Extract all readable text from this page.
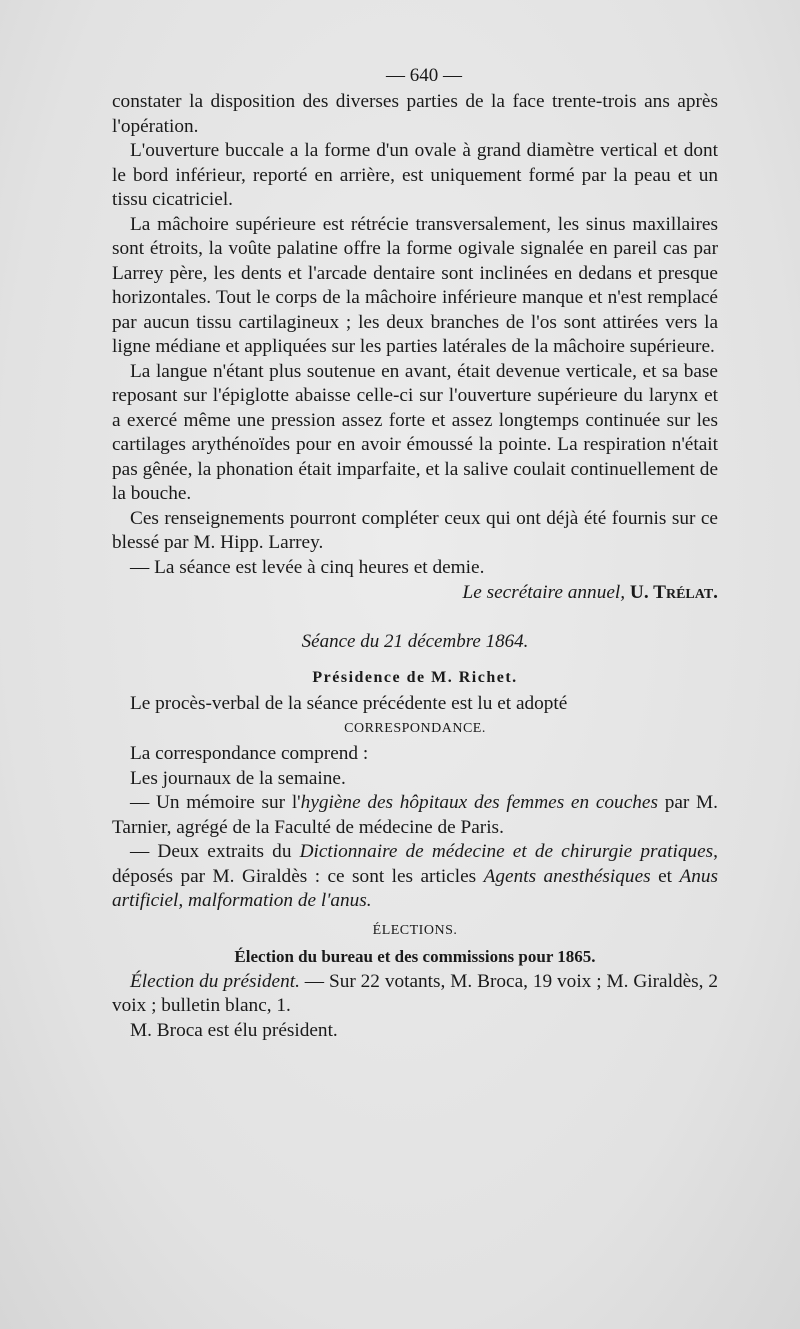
— 640 —

constater la disposition des diverses parties de la face trente-trois ans après l'opération.

L'ouverture buccale a la forme d'un ovale à grand diamètre vertical et dont le bord inférieur, reporté en arrière, est uniquement formé par la peau et un tissu cicatriciel.

La mâchoire supérieure est rétrécie transversalement, les sinus maxillaires sont étroits, la voûte palatine offre la forme ogivale signalée en pareil cas par Larrey père, les dents et l'arcade dentaire sont inclinées en dedans et presque horizontales. Tout le corps de la mâchoire inférieure manque et n'est remplacé par aucun tissu cartilagineux ; les deux branches de l'os sont attirées vers la ligne médiane et appliquées sur les parties latérales de la mâchoire supérieure.

La langue n'étant plus soutenue en avant, était devenue verticale, et sa base reposant sur l'épiglotte abaisse celle-ci sur l'ouverture supérieure du larynx et a exercé même une pression assez forte et assez longtemps continuée sur les cartilages arythénoïdes pour en avoir émoussé la pointe. La respiration n'était pas gênée, la phonation était imparfaite, et la salive coulait continuellement de la bouche.

Ces renseignements pourront compléter ceux qui ont déjà été fournis sur ce blessé par M. Hipp. Larrey.

— La séance est levée à cinq heures et demie.

Le secrétaire annuel, U. Trélat.

Séance du 21 décembre 1864.
Présidence de M. Richet.

Le procès-verbal de la séance précédente est lu et adopté

CORRESPONDANCE.

La correspondance comprend :

Les journaux de la semaine.

— Un mémoire sur l'hygiène des hôpitaux des femmes en couches par M. Tarnier, agrégé de la Faculté de médecine de Paris.

— Deux extraits du Dictionnaire de médecine et de chirurgie pratiques, déposés par M. Giraldès : ce sont les articles Agents anesthésiques et Anus artificiel, malformation de l'anus.

ÉLECTIONS.
Élection du bureau et des commissions pour 1865.

Élection du président. — Sur 22 votants, M. Broca, 19 voix ; M. Giraldès, 2 voix ; bulletin blanc, 1.

M. Broca est élu président.
